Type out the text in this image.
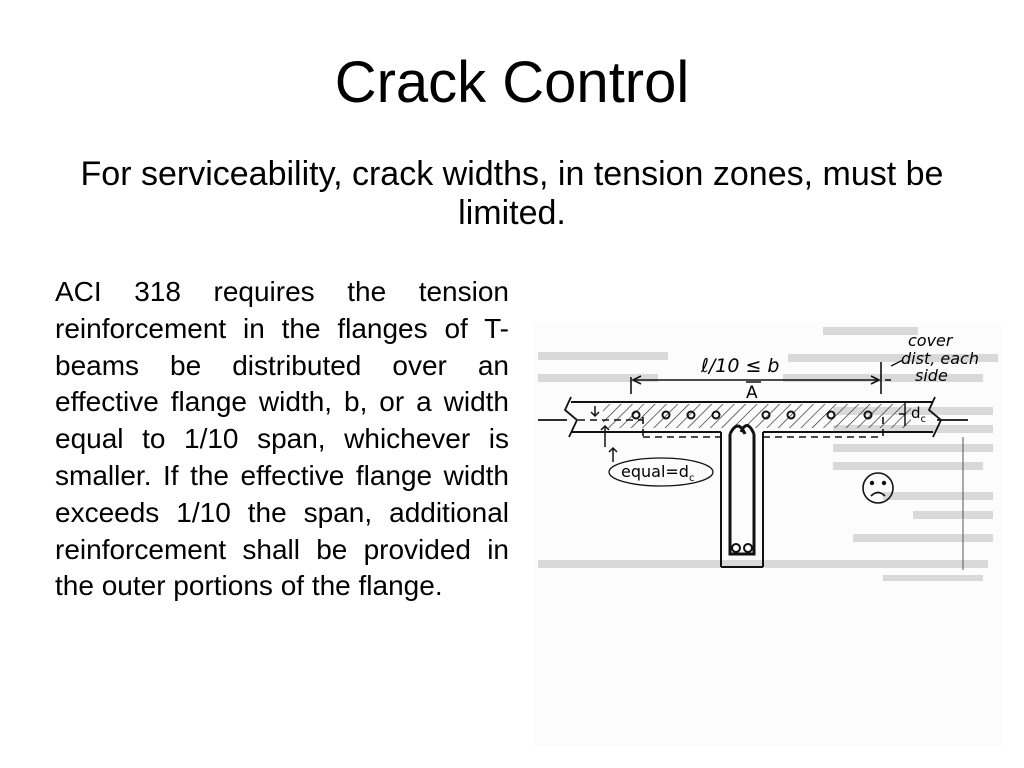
Crack Control
For serviceability, crack widths, in tension zones, must be limited.
ACI 318 requires the tension reinforcement in the flanges of T-beams be distributed over an effective flange width, b, or a width equal to 1/10 span, whichever is smaller. If the effective flange width exceeds 1/10 the span, additional reinforcement shall be provided in the outer portions of the flange.
ℓ/10 ≤ b
A
cover
dist, each
side
$d_c$
$equal=d_c$
